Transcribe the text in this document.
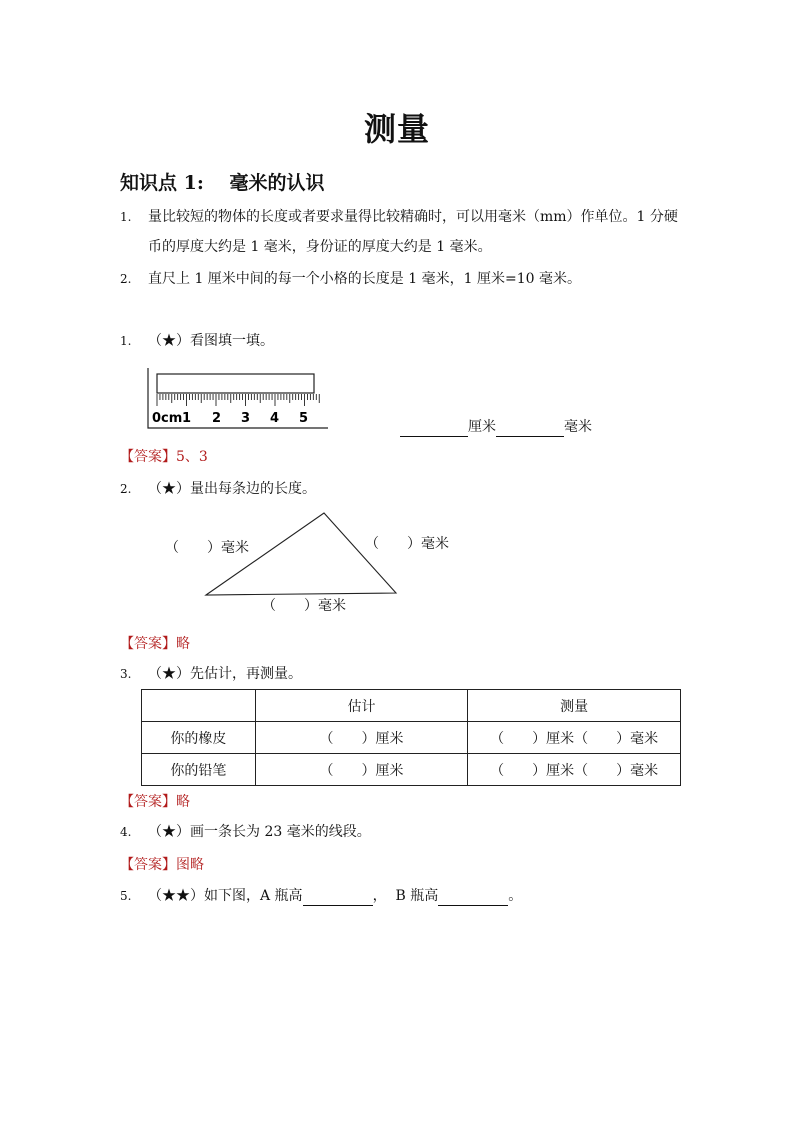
测量
知识点 1:　 毫米的认识
1. 量比较短的物体的长度或者要求量得比较精确时，可以用毫米（mm）作单位。1 分硬
币的厚度大约是 1 毫米，身份证的厚度大约是 1 毫米。
2. 直尺上 1 厘米中间的每一个小格的长度是 1 毫米，1 厘米=10 毫米。
1. （★）看图填一填。
0cm 1 2 3 4 5
厘米	毫米
【答案】5、3
2. （★）量出每条边的长度。
（　　）毫米	（　　）毫米
（　　）毫米
【答案】略
3. （★）先估计，再测量。
	估计	测量
你的橡皮	（　　）厘米	（　　）厘米（　　）毫米
你的铅笔	（　　）厘米	（　　）厘米（　　）毫米
【答案】略
4. （★）画一条长为 23 毫米的线段。
【答案】图略
5. （★★）如下图，A 瓶高	， B 瓶高	。
